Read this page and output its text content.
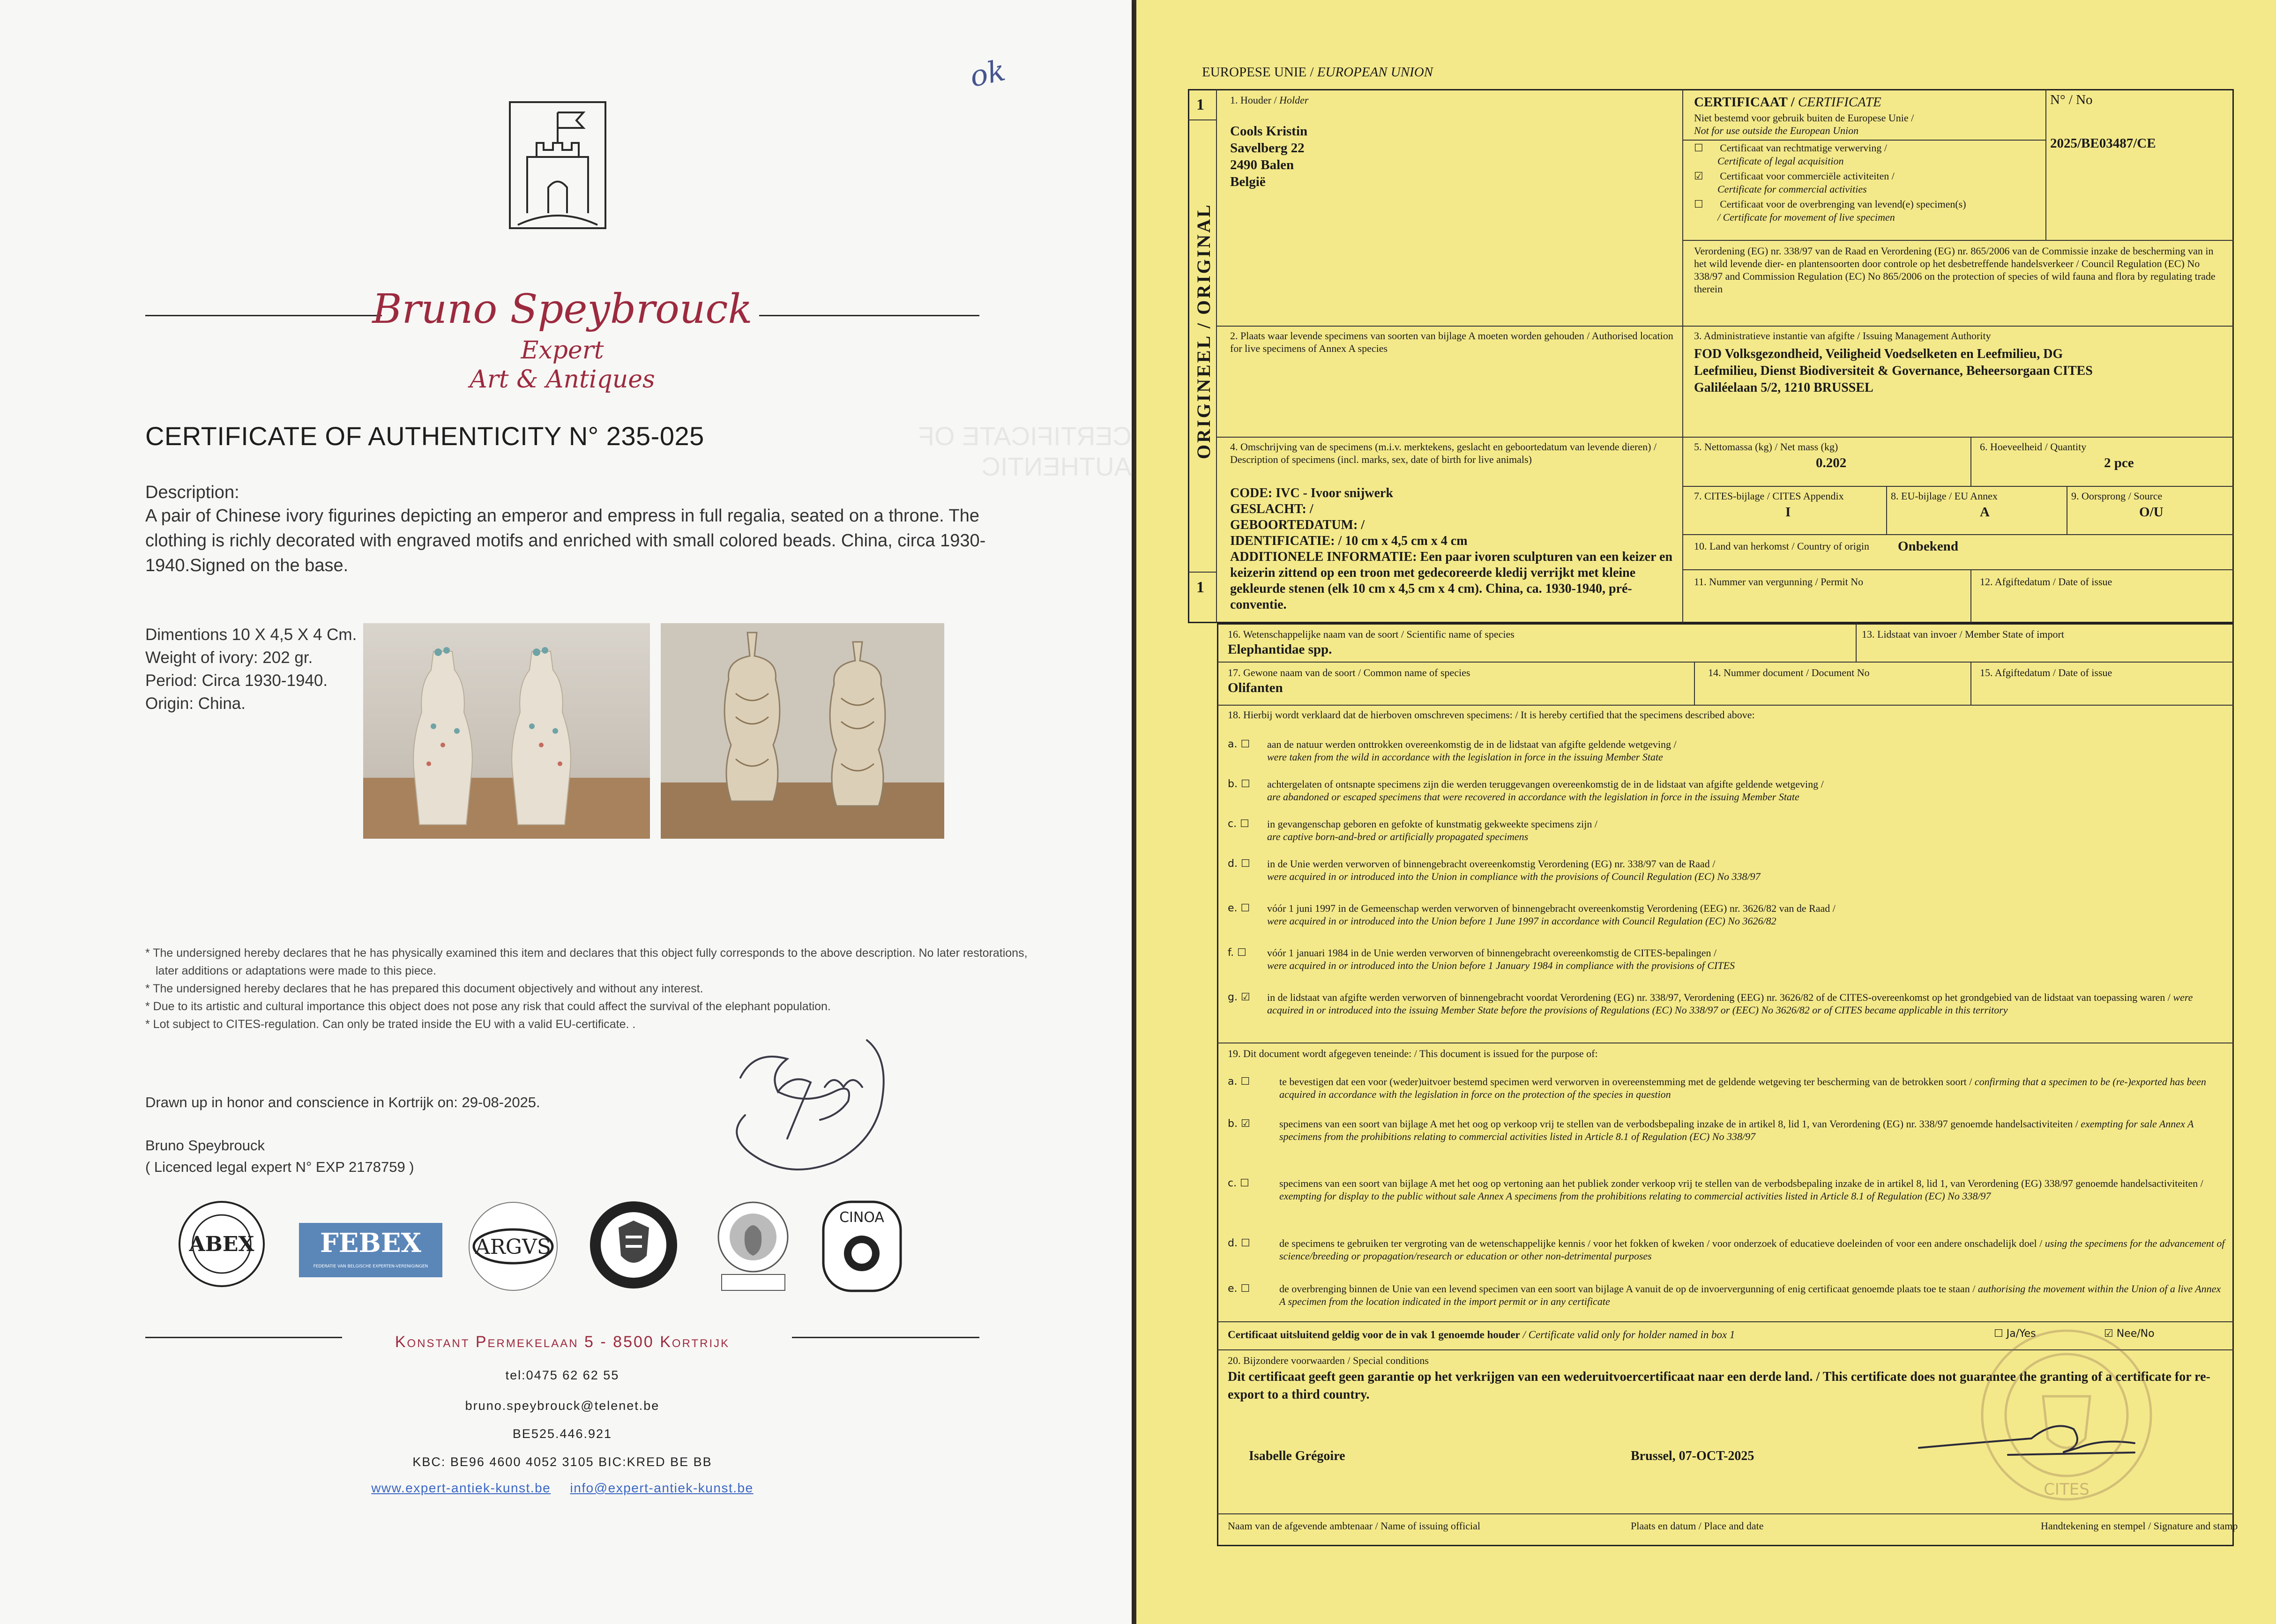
ok
Bruno Speybrouck
Expert
Art & Antiques
CERTIFICATE OF AUTHENTICITY N° 235-025	CERTIFICATE OF AUTHENTIC
Description:
A pair of Chinese ivory figurines depicting an emperor and empress in full regalia, seated on a throne. The clothing is richly decorated with engraved motifs and enriched with small colored beads. China, circa 1930-1940.Signed on the base.
Dimentions 10 X 4,5 X 4 Cm.
Weight of ivory: 202 gr.
Period: Circa 1930-1940.
Origin: China.
* The undersigned hereby declares that he has physically examined this item and declares that this object fully corresponds to the above description. No later restorations, later additions or adaptations were made to this piece.
* The undersigned hereby declares that he has prepared this document objectively and without any interest.
* Due to its artistic and cultural importance this object does not pose any risk that could affect the survival of the elephant population.
* Lot subject to CITES-regulation. Can only be trated inside the EU with a valid EU-certificate. .
Drawn up in honor and conscience in Kortrijk on: 29-08-2025.
Bruno Speybrouck
( Licenced legal expert N° EXP 2178759 )
ABEX	FEBEX
FEDERATIE VAN BELGISCHE EXPERTEN-VERENIGINGEN
ARGVS
CINOA
Konstant Permekelaan 5 - 8500 Kortrijk
tel:0475 62 62 55
bruno.speybrouck@telenet.be
BE525.446.921
KBC: BE96 4600 4052 3105 BIC:KRED BE BB
www.expert-antiek-kunst.be info@expert-antiek-kunst.be
EUROPESE UNIE / EUROPEAN UNION
1
1
ORIGINEEL / ORIGINAL
1. Houder / Holder
Cools Kristin
Savelberg 22
2490 Balen
België
CERTIFICAAT / CERTIFICATE
Niet bestemd voor gebruik buiten de Europese Unie /
Not for use outside the European Union
☐ Certificaat van rechtmatige verwerving /
Certificate of legal acquisition
☑ Certificaat voor commerciële activiteiten /
Certificate for commercial activities
☐ Certificaat voor de overbrenging van levend(e) specimen(s)
/ Certificate for movement of live specimen
N° / No
2025/BE03487/CE
Verordening (EG) nr. 338/97 van de Raad en Verordening (EG) nr. 865/2006 van de Commissie inzake de bescherming van in het wild levende dier- en plantensoorten door controle op het desbetreffende handelsverkeer / Council Regulation (EC) No 338/97 and Commission Regulation (EC) No 865/2006 on the protection of species of wild fauna and flora by regulating trade therein
2. Plaats waar levende specimens van soorten van bijlage A moeten worden gehouden / Authorised location for live specimens of Annex A species
3. Administratieve instantie van afgifte / Issuing Management Authority
FOD Volksgezondheid, Veiligheid Voedselketen en Leefmilieu, DG
Leefmilieu, Dienst Biodiversiteit & Governance, Beheersorgaan CITES
Galiléelaan 5/2, 1210 BRUSSEL
4. Omschrijving van de specimens (m.i.v. merktekens, geslacht en geboortedatum van levende dieren) / Description of specimens (incl. marks, sex, date of birth for live animals)
CODE: IVC - Ivoor snijwerk
GESLACHT: /
GEBOORTEDATUM: /
IDENTIFICATIE: / 10 cm x 4,5 cm x 4 cm
ADDITIONELE INFORMATIE: Een paar ivoren sculpturen van een keizer en keizerin zittend op een troon met gedecoreerde kledij verrijkt met kleine gekleurde stenen (elk 10 cm x 4,5 cm x 4 cm). China, ca. 1930-1940, pré-conventie.
5. Nettomassa (kg) / Net mass (kg)
0.202
6. Hoeveelheid / Quantity
2 pce
7. CITES-bijlage / CITES Appendix
I
8. EU-bijlage / EU Annex
A
9. Oorsprong / Source
O/U
10. Land van herkomst / Country of origin Onbekend
11. Nummer van vergunning / Permit No	12. Afgiftedatum / Date of issue
16. Wetenschappelijke naam van de soort / Scientific name of species
Elephantidae spp.
13. Lidstaat van invoer / Member State of import
17. Gewone naam van de soort / Common name of species
Olifanten
14. Nummer document / Document No	15. Afgiftedatum / Date of issue
18. Hierbij wordt verklaard dat de hierboven omschreven specimens: / It is hereby certified that the specimens described above:
a. ☐ aan de natuur werden onttrokken overeenkomstig de in de lidstaat van afgifte geldende wetgeving /
were taken from the wild in accordance with the legislation in force in the issuing Member State
b. ☐ achtergelaten of ontsnapte specimens zijn die werden teruggevangen overeenkomstig de in de lidstaat van afgifte geldende wetgeving /
are abandoned or escaped specimens that were recovered in accordance with the legislation in force in the issuing Member State
c. ☐ in gevangenschap geboren en gefokte of kunstmatig gekweekte specimens zijn /
are captive born-and-bred or artificially propagated specimens
d. ☐ in de Unie werden verworven of binnengebracht overeenkomstig Verordening (EG) nr. 338/97 van de Raad /
were acquired in or introduced into the Union in compliance with the provisions of Council Regulation (EC) No 338/97
e. ☐ vóór 1 juni 1997 in de Gemeenschap werden verworven of binnengebracht overeenkomstig Verordening (EEG) nr. 3626/82 van de Raad /
were acquired in or introduced into the Union before 1 June 1997 in accordance with Council Regulation (EC) No 3626/82
f. ☐ vóór 1 januari 1984 in de Unie werden verworven of binnengebracht overeenkomstig de CITES-bepalingen /
were acquired in or introduced into the Union before 1 January 1984 in compliance with the provisions of CITES
g. ☑ in de lidstaat van afgifte werden verworven of binnengebracht voordat Verordening (EG) nr. 338/97, Verordening (EEG) nr. 3626/82 of de CITES-overeenkomst op het grondgebied van de lidstaat van toepassing waren / were acquired in or introduced into the issuing Member State before the provisions of Regulations (EC) No 338/97 or (EEC) No 3626/82 or of CITES became applicable in this territory
19. Dit document wordt afgegeven teneinde: / This document is issued for the purpose of:
a. ☐	te bevestigen dat een voor (weder)uitvoer bestemd specimen werd verworven in overeenstemming met de geldende wetgeving ter bescherming van de betrokken soort / confirming that a specimen to be (re-)exported has been acquired in accordance with the legislation in force on the protection of the species in question
b. ☑	specimens van een soort van bijlage A met het oog op verkoop vrij te stellen van de verbodsbepaling inzake de in artikel 8, lid 1, van Verordening (EG) nr. 338/97 genoemde handelsactiviteiten / exempting for sale Annex A specimens from the prohibitions relating to commercial activities listed in Article 8.1 of Regulation (EC) No 338/97
c. ☐	specimens van een soort van bijlage A met het oog op vertoning aan het publiek zonder verkoop vrij te stellen van de verbodsbepaling inzake de in artikel 8, lid 1, van Verordening (EG) 338/97 genoemde handelsactiviteiten / exempting for display to the public without sale Annex A specimens from the prohibitions relating to commercial activities listed in Article 8.1 of Regulation (EC) No 338/97
d. ☐	de specimens te gebruiken ter vergroting van de wetenschappelijke kennis / voor het fokken of kweken / voor onderzoek of educatieve doeleinden of voor een andere onschadelijk doel / using the specimens for the advancement of science/breeding or propagation/research or education or other non-detrimental purposes
e. ☐	de overbrenging binnen de Unie van een levend specimen van een soort van bijlage A vanuit de op de invoervergunning of enig certificaat genoemde plaats toe te staan / authorising the movement within the Union of a live Annex A specimen from the location indicated in the import permit or in any certificate
Certificaat uitsluitend geldig voor de in vak 1 genoemde houder / Certificate valid only for holder named in box 1	☐ Ja/Yes	☑ Nee/No
20. Bijzondere voorwaarden / Special conditions
Dit certificaat geeft geen garantie op het verkrijgen van een wederuitvoercertificaat naar een derde land. / This certificate does not guarantee the granting of a certificate for re-export to a third country.
Isabelle Grégoire	Brussel, 07-OCT-2025
CITES
Naam van de afgevende ambtenaar / Name of issuing official	Plaats en datum / Place and date	Handtekening en stempel / Signature and stamp
